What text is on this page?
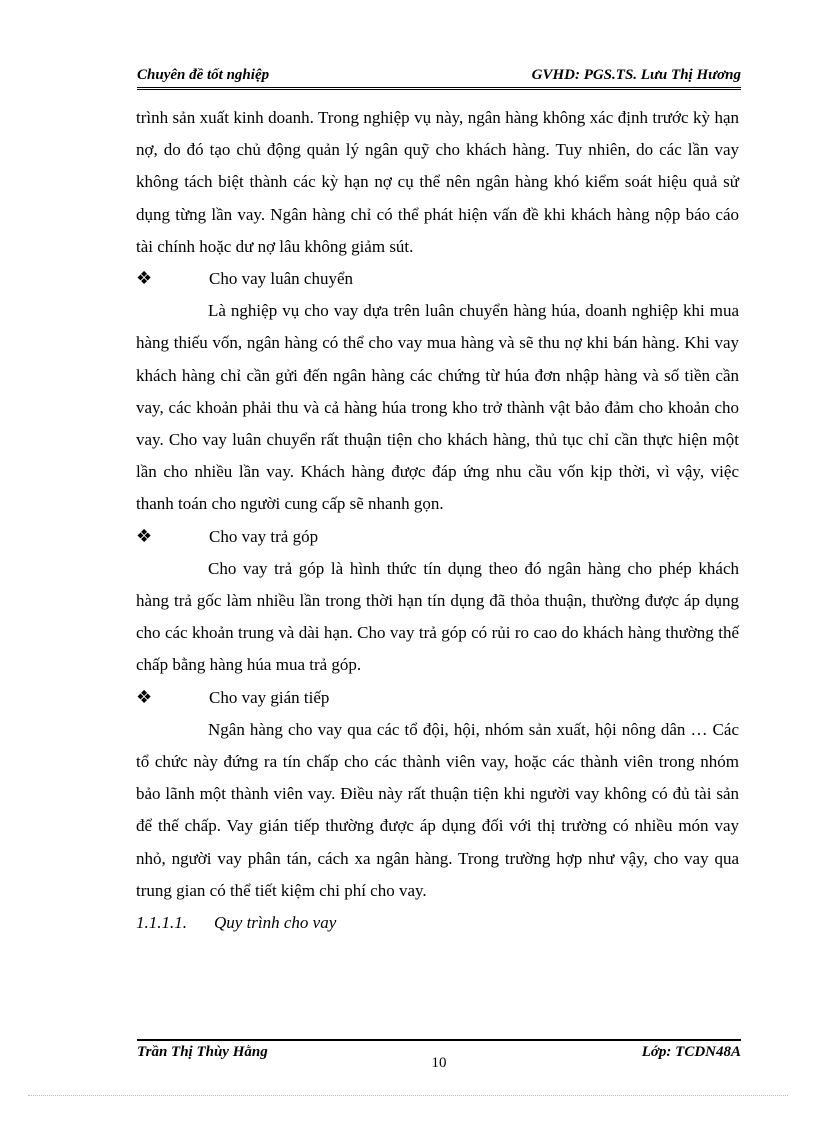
Chuyên đề tốt nghiệp	GVHD: PGS.TS. Lưu Thị Hương

trình sản xuất kinh doanh. Trong nghiệp vụ này, ngân hàng không xác định trước kỳ hạn nợ, do đó tạo chủ động quản lý ngân quỹ cho khách hàng. Tuy nhiên, do các lần vay không tách biệt thành các kỳ hạn nợ cụ thể nên ngân hàng khó kiểm soát hiệu quả sử dụng từng lần vay. Ngân hàng chỉ có thể phát hiện vấn đề khi khách hàng nộp báo cáo tài chính hoặc dư nợ lâu không giảm sút.

❖	Cho vay luân chuyển

Là nghiệp vụ cho vay dựa trên luân chuyển hàng húa, doanh nghiệp khi mua hàng thiếu vốn, ngân hàng có thể cho vay mua hàng và sẽ thu nợ khi bán hàng. Khi vay khách hàng chỉ cần gửi đến ngân hàng các chứng từ húa đơn nhập hàng và số tiền cần vay, các khoản phải thu và cả hàng húa trong kho trở thành vật bảo đảm cho khoản cho vay. Cho vay luân chuyển rất thuận tiện cho khách hàng, thủ tục chỉ cần thực hiện một lần cho nhiều lần vay. Khách hàng được đáp ứng nhu cầu vốn kịp thời, vì vậy, việc thanh toán cho người cung cấp sẽ nhanh gọn.

❖	Cho vay trả góp

Cho vay trả góp là hình thức tín dụng theo đó ngân hàng cho phép khách hàng trả gốc làm nhiều lần trong thời hạn tín dụng đã thỏa thuận, thường được áp dụng cho các khoản trung và dài hạn. Cho vay trả góp có rủi ro cao do khách hàng thường thế chấp bằng hàng húa mua trả góp.

❖	Cho vay gián tiếp

Ngân hàng cho vay qua các tổ đội, hội, nhóm sản xuất, hội nông dân … Các tổ chức này đứng ra tín chấp cho các thành viên vay, hoặc các thành viên trong nhóm bảo lãnh một thành viên vay. Điều này rất thuận tiện khi người vay không có đủ tài sản để thế chấp. Vay gián tiếp thường được áp dụng đối với thị trường có nhiều món vay nhỏ, người vay phân tán, cách xa ngân hàng. Trong trường hợp như vậy, cho vay qua trung gian có thể tiết kiệm chi phí cho vay.

1.1.1.1.	Quy trình cho vay
Trần Thị Thùy Hằng	Lớp: TCDN48A
10
